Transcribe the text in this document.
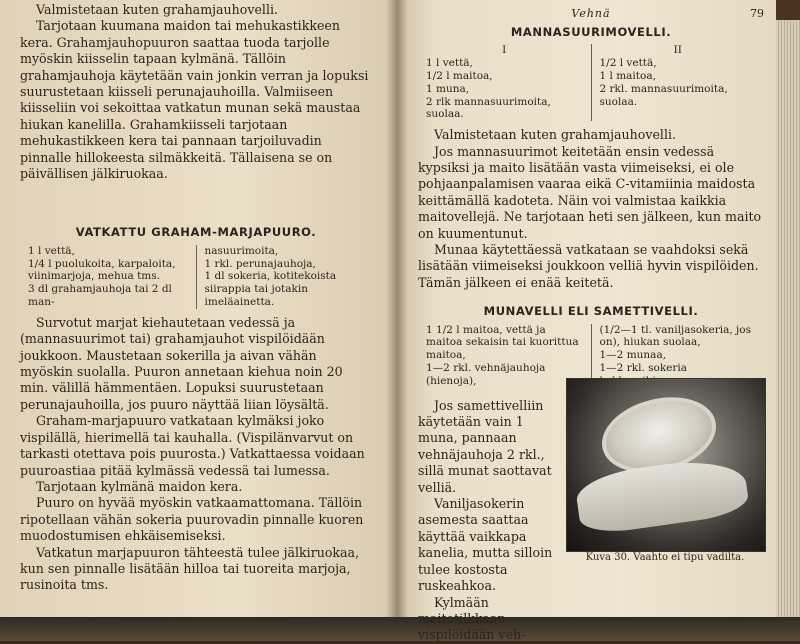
Valmistetaan kuten grahamjauhovelli.

Tarjotaan kuumana maidon tai mehukastikkeen kera. Grahamjauhopuuron saattaa tuoda tarjolle myöskin kiisselin tapaan kylmänä. Tällöin grahamjauhoja käytetään vain jonkin verran ja lopuksi suurustetaan kiisseli perunajauhoilla. Valmiiseen kiisseliin voi sekoittaa vatkatun munan sekä maustaa hiukan kanelilla. Grahamkiisseli tarjotaan mehukastikkeen kera tai pannaan tarjoiluvadin pinnalle hillokeesta silmäkkeitä. Tällaisena se on päivällisen jälkiruokaa.

VATKATTU GRAHAM-MARJAPUURO.
1 l vettä,
1/4 l puolukoita, karpaloita, viinimarjoja, mehua tms.
3 dl grahamjauhoja tai 2 dl man-
nasuurimoita,
1 rkl. perunajauhoja,
1 dl sokeria, kotitekoista siirappia tai jotakin imeläainetta.

Survotut marjat kiehautetaan vedessä ja (mannasuurimot tai) grahamjauhot vispilöidään joukkoon. Maustetaan sokerilla ja aivan vähän myöskin suolalla. Puuron annetaan kiehua noin 20 min. välillä hämmentäen. Lopuksi suurustetaan perunajauhoilla, jos puuro näyttää liian löysältä.

Graham-marjapuuro vatkataan kylmäksi joko vispilällä, hierimellä tai kauhalla. (Vispilänvarvut on tarkasti otettava pois puurosta.) Vatkattaessa voidaan puuroastiaa pitää kylmässä vedessä tai lumessa.

Tarjotaan kylmänä maidon kera.

Puuro on hyvää myöskin vatkaamattomana. Tällöin ripotellaan vähän sokeria puurovadin pinnalle kuoren muodostumisen ehkäisemiseksi.

Vatkatun marjapuuron tähteestä tulee jälkiruokaa, kun sen pinnalle lisätään hilloa tai tuoreita marjoja, rusinoita tms.

Vehnä	79
MANNASUURIMOVELLI.
I
1 l vettä,
1/2 l maitoa,
1 muna,
2 rlk mannasuurimoita,
suolaa.
II
1/2 l vettä,
1 l maitoa,
2 rkl. mannasuurimoita,
suolaa.

Valmistetaan kuten grahamjauhovelli.

Jos mannasuurimot keitetään ensin vedessä kypsiksi ja maito lisätään vasta viimeiseksi, ei ole pohjaanpalamisen vaaraa eikä C-vitamiinia maidosta keittämällä kadoteta. Näin voi valmistaa kaikkia maitovellejä. Ne tarjotaan heti sen jälkeen, kun maito on kuumentunut.

Munaa käytettäessä vatkataan se vaahdoksi sekä lisätään viimeiseksi joukkoon velliä hyvin vispilöiden. Tämän jälkeen ei enää keitetä.

MUNAVELLI ELI SAMETTIVELLI.
1 1/2 l maitoa, vettä ja maitoa sekaisin tai kuorittua maitoa,
1—2 rkl. vehnäjauhoja (hienoja),
(1/2—1 tl. vaniljasokeria, jos on), hiukan suolaa,
1—2 munaa,
1—2 rkl. sokeria

Jos samettivelliin käytetään vain 1 muna, pannaan vehnäjauhoja 2 rkl., sillä munat saottavat velliä.

Vaniljasokerin asemesta saattaa käyttää vaikkapa kanelia, mutta silloin tulee kostosta ruskeahkoa.

Kylmään maitotilkkaan vispilöidään veh-

Kuva 30. Vaahto ei tipu vadilta.
